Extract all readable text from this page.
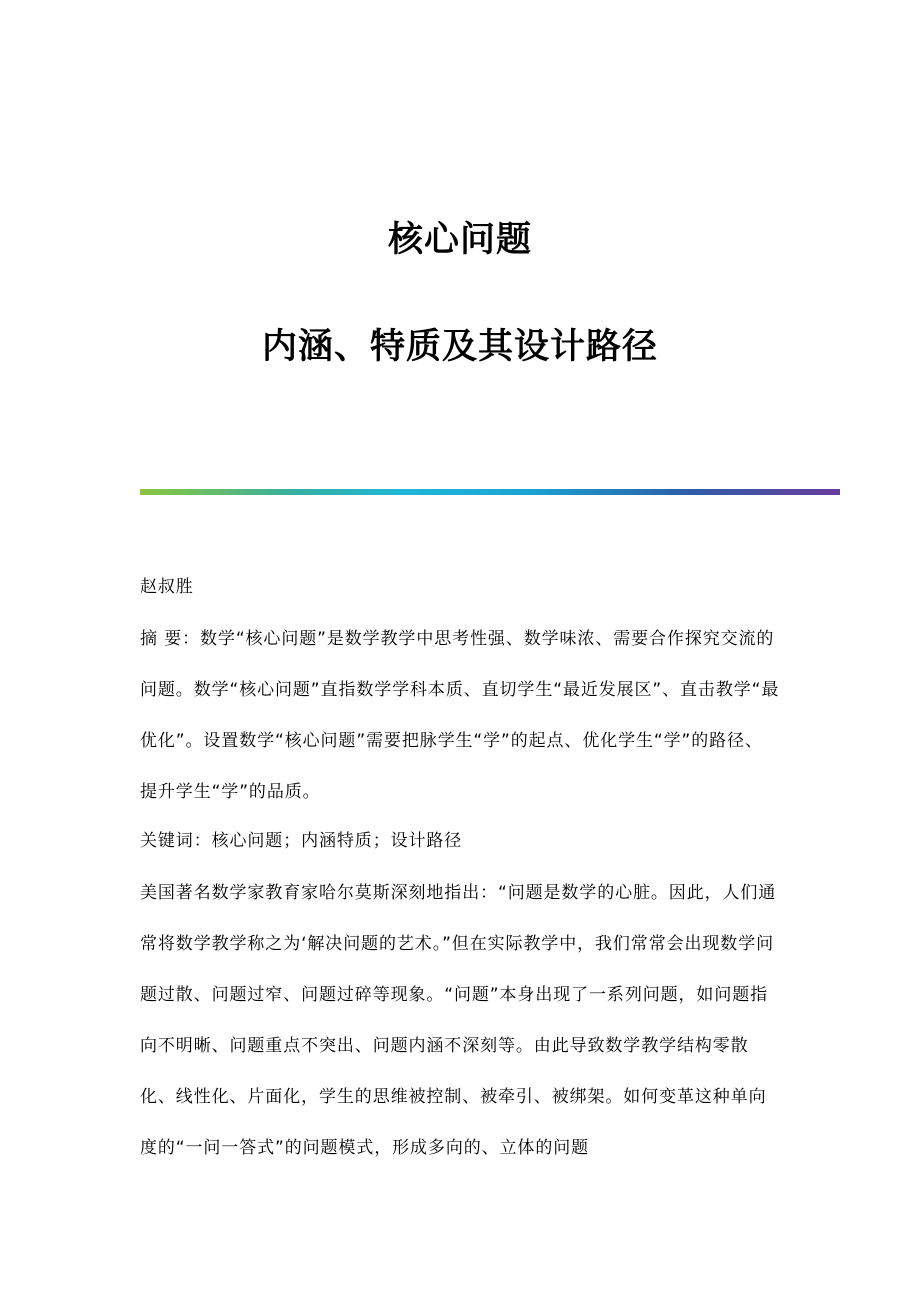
核心问题
内涵、特质及其设计路径

赵叔胜

摘 要：数学“核心问题”是数学教学中思考性强、数学味浓、需要合作探究交流的问题。数学“核心问题”直指数学学科本质、直切学生“最近发展区”、直击教学“最优化”。设置数学“核心问题”需要把脉学生“学”的起点、优化学生“学”的路径、提升学生“学”的品质。

关键词：核心问题；内涵特质；设计路径

美国著名数学家教育家哈尔莫斯深刻地指出：“问题是数学的心脏。因此，人们通常将数学教学称之为‘解决问题的艺术。”但在实际教学中，我们常常会出现数学问题过散、问题过窄、问题过碎等现象。“问题”本身出现了一系列问题，如问题指向不明晰、问题重点不突出、问题内涵不深刻等。由此导致数学教学结构零散化、线性化、片面化，学生的思维被控制、被牵引、被绑架。如何变革这种单向度的“一问一答式”的问题模式，形成多向的、立体的问题
